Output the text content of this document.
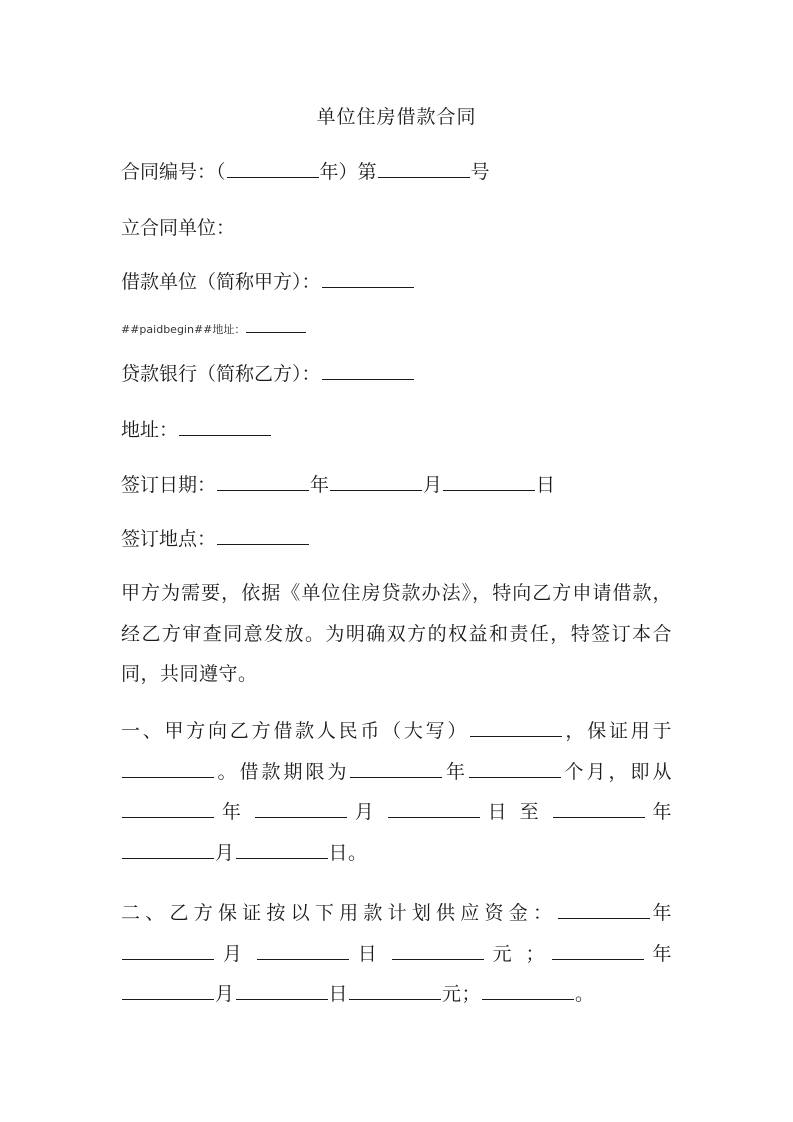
单位住房借款合同
合同编号：（	年）第	号
立合同单位：
借款单位（简称甲方）：
##paidbegin##地址：
贷款银行（简称乙方）：
地址：
签订日期：	年	月	日
签订地点：
甲方为需要，依据《单位住房贷款办法》，特向乙方申请借款，经乙方审查同意发放。为明确双方的权益和责任，特签订本合同，共同遵守。
一、甲方向乙方借款人民币（大写）	，保证用于。借款期限为	年	个月，即从年	月	日至	年月	日。
二、乙方保证按以下用款计划供应资金：	年月	日	元；	年月	日	元；	。
